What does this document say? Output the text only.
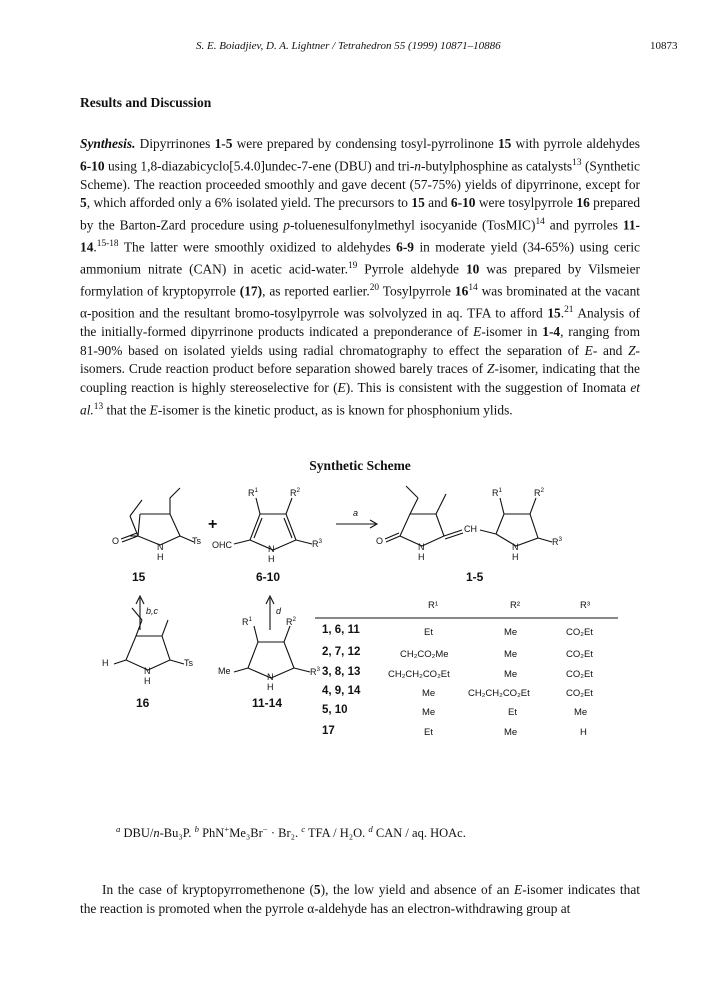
S. E. Boiadjiev, D. A. Lightner / Tetrahedron 55 (1999) 10871–10886	10873
Results and Discussion
Synthesis. Dipyrrinones 1-5 were prepared by condensing tosyl-pyrrolinone 15 with pyrrole aldehydes 6-10 using 1,8-diazabicyclo[5.4.0]undec-7-ene (DBU) and tri-n-butylphosphine as catalysts$^{13}$ (Synthetic Scheme). The reaction proceeded smoothly and gave decent (57-75%) yields of dipyrrinone, except for 5, which afforded only a 6% isolated yield. The precursors to 15 and 6-10 were tosylpyrrole 16 prepared by the Barton-Zard procedure using p-toluenesulfonylmethyl isocyanide (TosMIC)$^{14}$ and pyrroles 11-14.$^{15-18}$ The latter were smoothly oxidized to aldehydes 6-9 in moderate yield (34-65%) using ceric ammonium nitrate (CAN) in acetic acid-water.$^{19}$ Pyrrole aldehyde 10 was prepared by Vilsmeier formylation of kryptopyrrole (17), as reported earlier.$^{20}$ Tosylpyrrole $16^{14}$ was brominated at the vacant α-position and the resultant bromo-tosylpyrrole was solvolyzed in aq. TFA to afford 15.21 Analysis of the initially-formed dipyrrinone products indicated a preponderance of E-isomer in 1-4, ranging from 81-90% based on isolated yields using radial chromatography to effect the separation of E- and Z-isomers. Crude reaction product before separation showed barely traces of Z-isomer, indicating that the coupling reaction is highly stereoselective for (E). This is consistent with the suggestion of Inomata et al.$^{13}$ that the E-isomer is the kinetic product, as is known for phosphonium ylids.
Synthetic Scheme
O
N
H
Ts
+
OHC	N
H
$R^1$	$R^2$
$R^3$
a
O
N
H
CH
N
H
$R^1$	$R^2$
$R^3$
15	6-10	1-5
b,c	d
H
N
H
Ts
Me
N
H
$R^1$	$R^2$
$R^3$
16	11-14
R¹	R²	R³
1, 6, 11	Et	Me	CO₂Et
2, 7, 12	CH₂CO₂Me	Me	CO₂Et
3, 8, 13	CH₂CH₂CO₂Et	Me	CO₂Et
4, 9, 14	Me	CH₂CH₂CO₂Et	CO₂Et
5, 10	Me	Et	Me
17	Et	Me	H
$^a$ DBU/n-Bu₃P. $^b$ PhN+Me₃Br− · Br₂. $^c$ TFA / H₂O. $^d$ CAN / aq. HOAc.
In the case of kryptopyrromethenone (5), the low yield and absence of an E-isomer indicates that the reaction is promoted when the pyrrole α-aldehyde has an electron-withdrawing group at
